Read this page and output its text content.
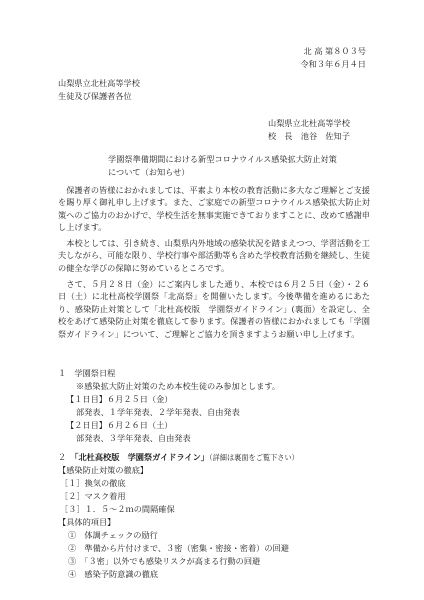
北 高 第８０３号
令和３年６月４日
山梨県立北杜高等学校
生徒及び保護者各位
山梨県立北杜高等学校
校　長　池谷　佐知子
学園祭準備期間における新型コロナウイルス感染拡大防止対策
について（お知らせ）
　保護者の皆様におかれましては、平素より本校の教育活動に多大なご理解とご支援を賜り厚く御礼申し上げます。また、ご家庭での新型コロナウイルス感染拡大防止対策へのご協力のおかげで、学校生活を無事実施できておりますことに、改めて感謝申し上げます。
　本校としては、引き続き、山梨県内外地域の感染状況を踏まえつつ、学習活動を工夫しながら、可能な限り、学校行事や部活動等も含めた学校教育活動を継続し、生徒の健全な学びの保障に努めているところです。
　さて、５月２８日（金）にご案内しました通り、本校では６月２５日（金）・２６日（土）に北杜高校学園祭「北高祭」を開催いたします。今後準備を進めるにあたり、感染防止対策として「北杜高校版　学園祭ガイドライン」(裏面）を設定し、全校をあげて感染防止対策を徹底して参ります。保護者の皆様におかれましても「学園祭ガイドライン」について、ご理解とご協力を頂きますようお願い申し上げます。
１　学園祭日程
※感染拡大防止対策のため本校生徒のみ参加とします。
【１日目】６月２５日（金）
部発表、１学年発表、２学年発表、自由発表
【２日目】６月２６日（土）
部発表、３学年発表、自由発表
２　「北杜高校版　学園祭ガイドライン」（詳細は裏面をご覧下さい）
【感染防止対策の徹底】
［１］換気の徹底
［２］マスク着用
［３］１．５～２ｍの間隔確保
【具体的項目】
①　体調チェックの励行
②　準備から片付けまで、３密（密集・密接・密着）の回避
③　「３密」以外でも感染リスクが高まる行動の回避
④　感染予防意識の徹底
